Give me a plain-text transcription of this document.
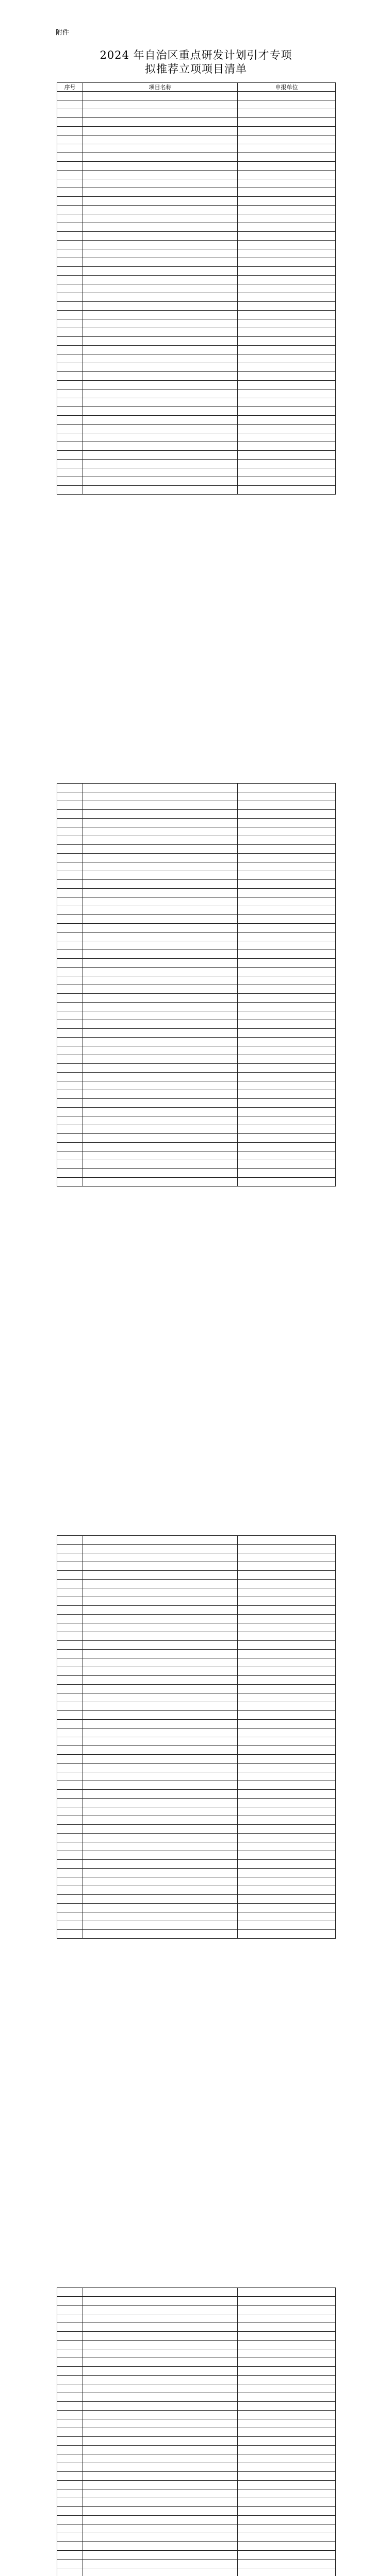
附件
2024 年自治区重点研发计划引才专项
拟推荐立项项目清单
序号	项目名称	申报单位
